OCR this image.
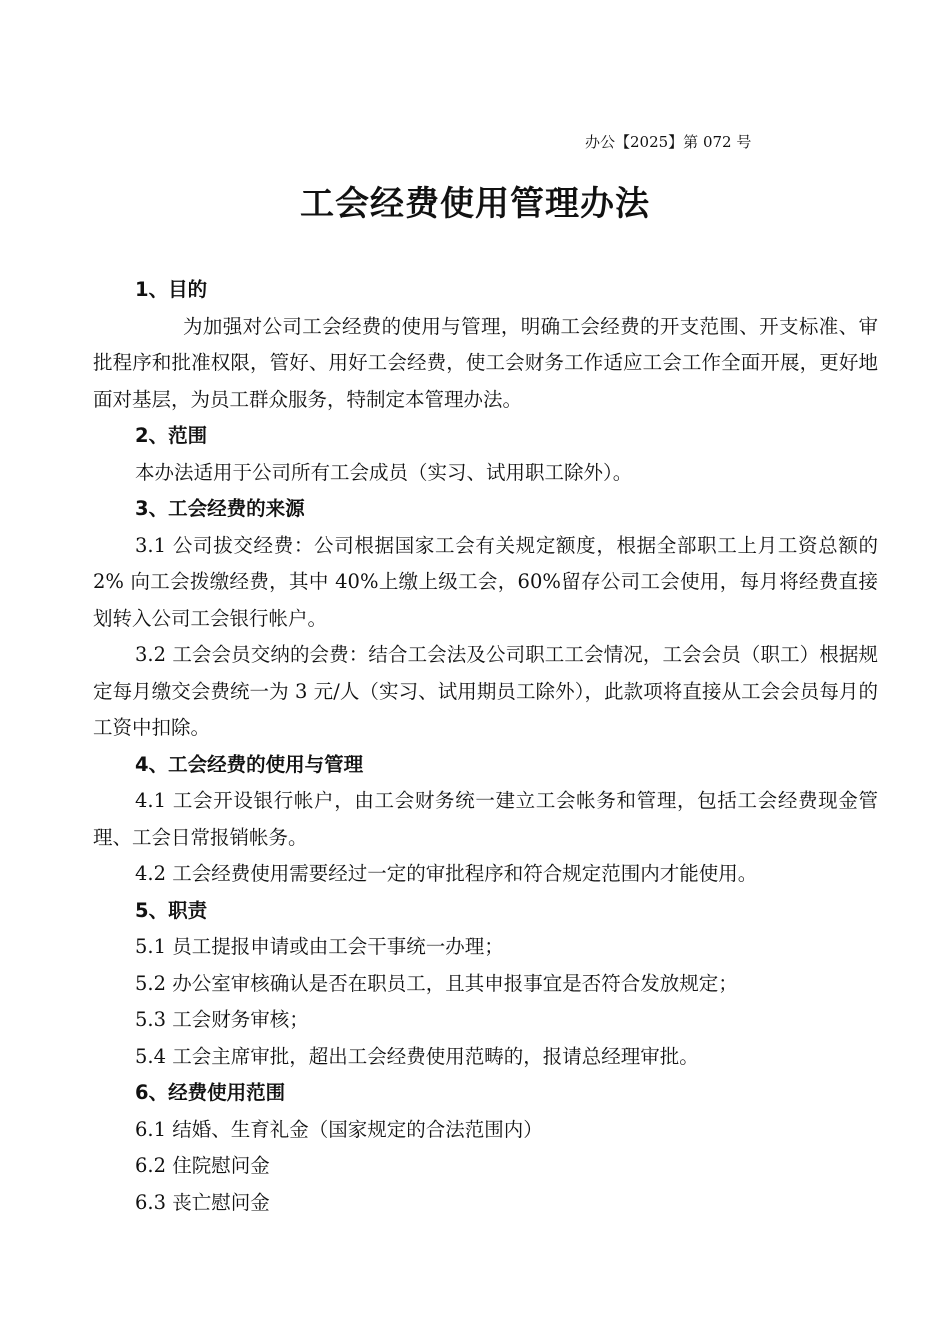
办公【2025】第 072 号
工会经费使用管理办法
1、目的
为加强对公司工会经费的使用与管理，明确工会经费的开支范围、开支标准、审批程序和批准权限，管好、用好工会经费，使工会财务工作适应工会工作全面开展，更好地面对基层，为员工群众服务，特制定本管理办法。
2、范围
本办法适用于公司所有工会成员（实习、试用职工除外）。
3、工会经费的来源
3.1 公司拔交经费：公司根据国家工会有关规定额度，根据全部职工上月工资总额的 2% 向工会拨缴经费，其中 40%上缴上级工会，60%留存公司工会使用，每月将经费直接划转入公司工会银行帐户。
3.2 工会会员交纳的会费：结合工会法及公司职工工会情况，工会会员（职工）根据规定每月缴交会费统一为 3 元/人（实习、试用期员工除外），此款项将直接从工会会员每月的工资中扣除。
4、工会经费的使用与管理
4.1 工会开设银行帐户，由工会财务统一建立工会帐务和管理，包括工会经费现金管理、工会日常报销帐务。
4.2 工会经费使用需要经过一定的审批程序和符合规定范围内才能使用。
5、职责
5.1 员工提报申请或由工会干事统一办理；
5.2 办公室审核确认是否在职员工，且其申报事宜是否符合发放规定；
5.3 工会财务审核；
5.4 工会主席审批，超出工会经费使用范畴的，报请总经理审批。
6、经费使用范围
6.1 结婚、生育礼金（国家规定的合法范围内）
6.2 住院慰问金
6.3 丧亡慰问金
